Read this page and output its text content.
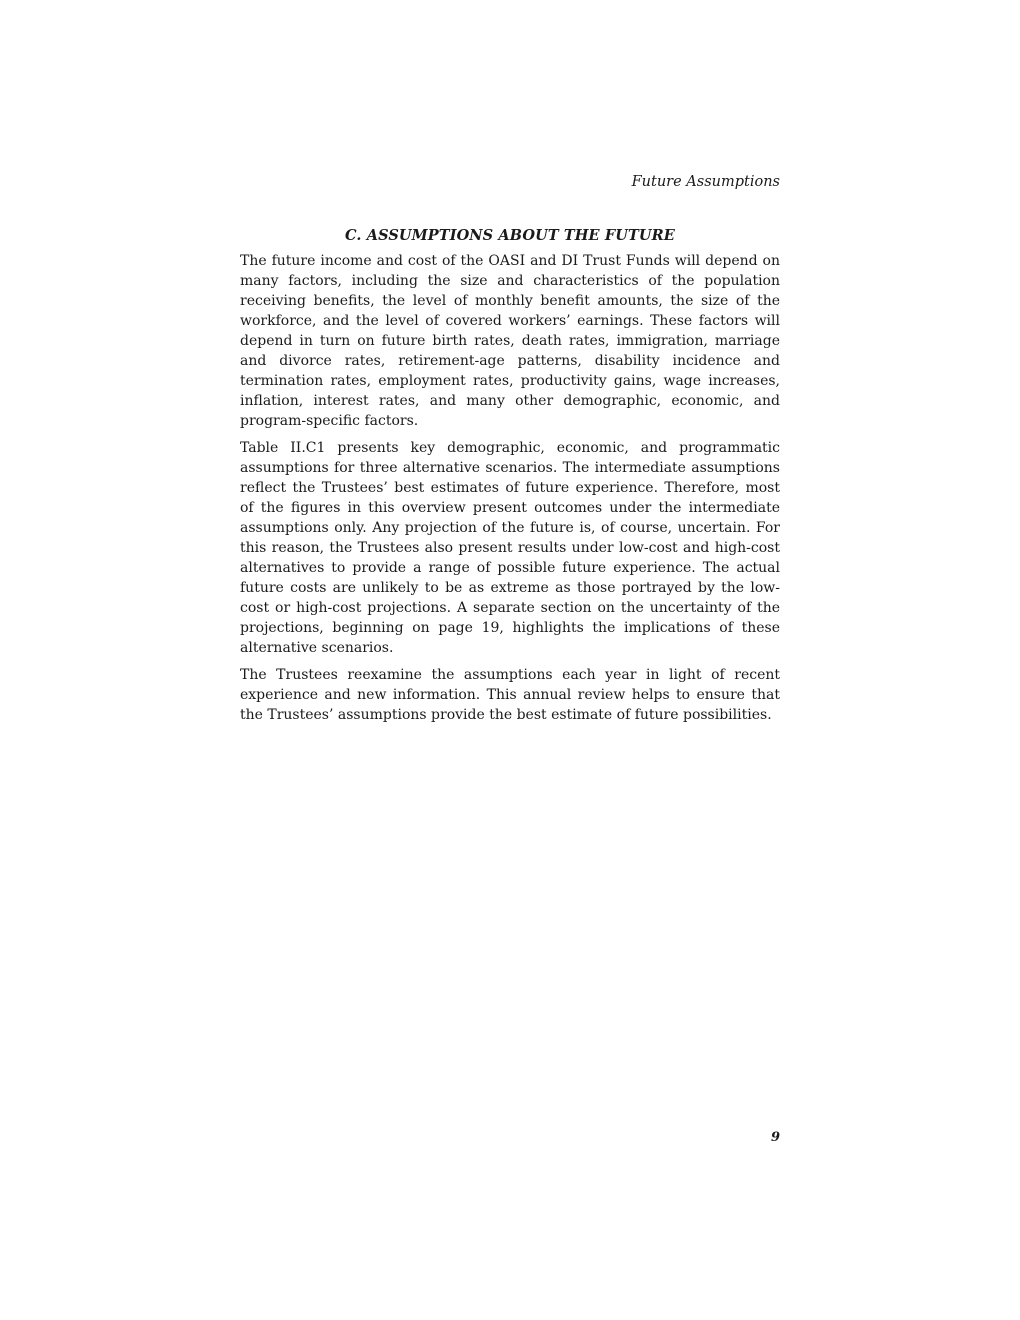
Future Assumptions
C. ASSUMPTIONS ABOUT THE FUTURE

The future income and cost of the OASI and DI Trust Funds will depend on many factors, including the size and characteristics of the population receiving benefits, the level of monthly benefit amounts, the size of the workforce, and the level of covered workers’ earnings. These factors will depend in turn on future birth rates, death rates, immigration, marriage and divorce rates, retirement-age patterns, disability incidence and termination rates, employment rates, productivity gains, wage increases, inflation, interest rates, and many other demographic, economic, and program-specific factors.

Table II.C1 presents key demographic, economic, and programmatic assumptions for three alternative scenarios. The intermediate assumptions reflect the Trustees’ best estimates of future experience. Therefore, most of the figures in this overview present outcomes under the intermediate assumptions only. Any projection of the future is, of course, uncertain. For this reason, the Trustees also present results under low-cost and high-cost alternatives to provide a range of possible future experience. The actual future costs are unlikely to be as extreme as those portrayed by the low-cost or high-cost projections. A separate section on the uncertainty of the projections, beginning on page 19, highlights the implications of these alternative scenarios.

The Trustees reexamine the assumptions each year in light of recent experience and new information. This annual review helps to ensure that the Trustees’ assumptions provide the best estimate of future possibilities.

9
